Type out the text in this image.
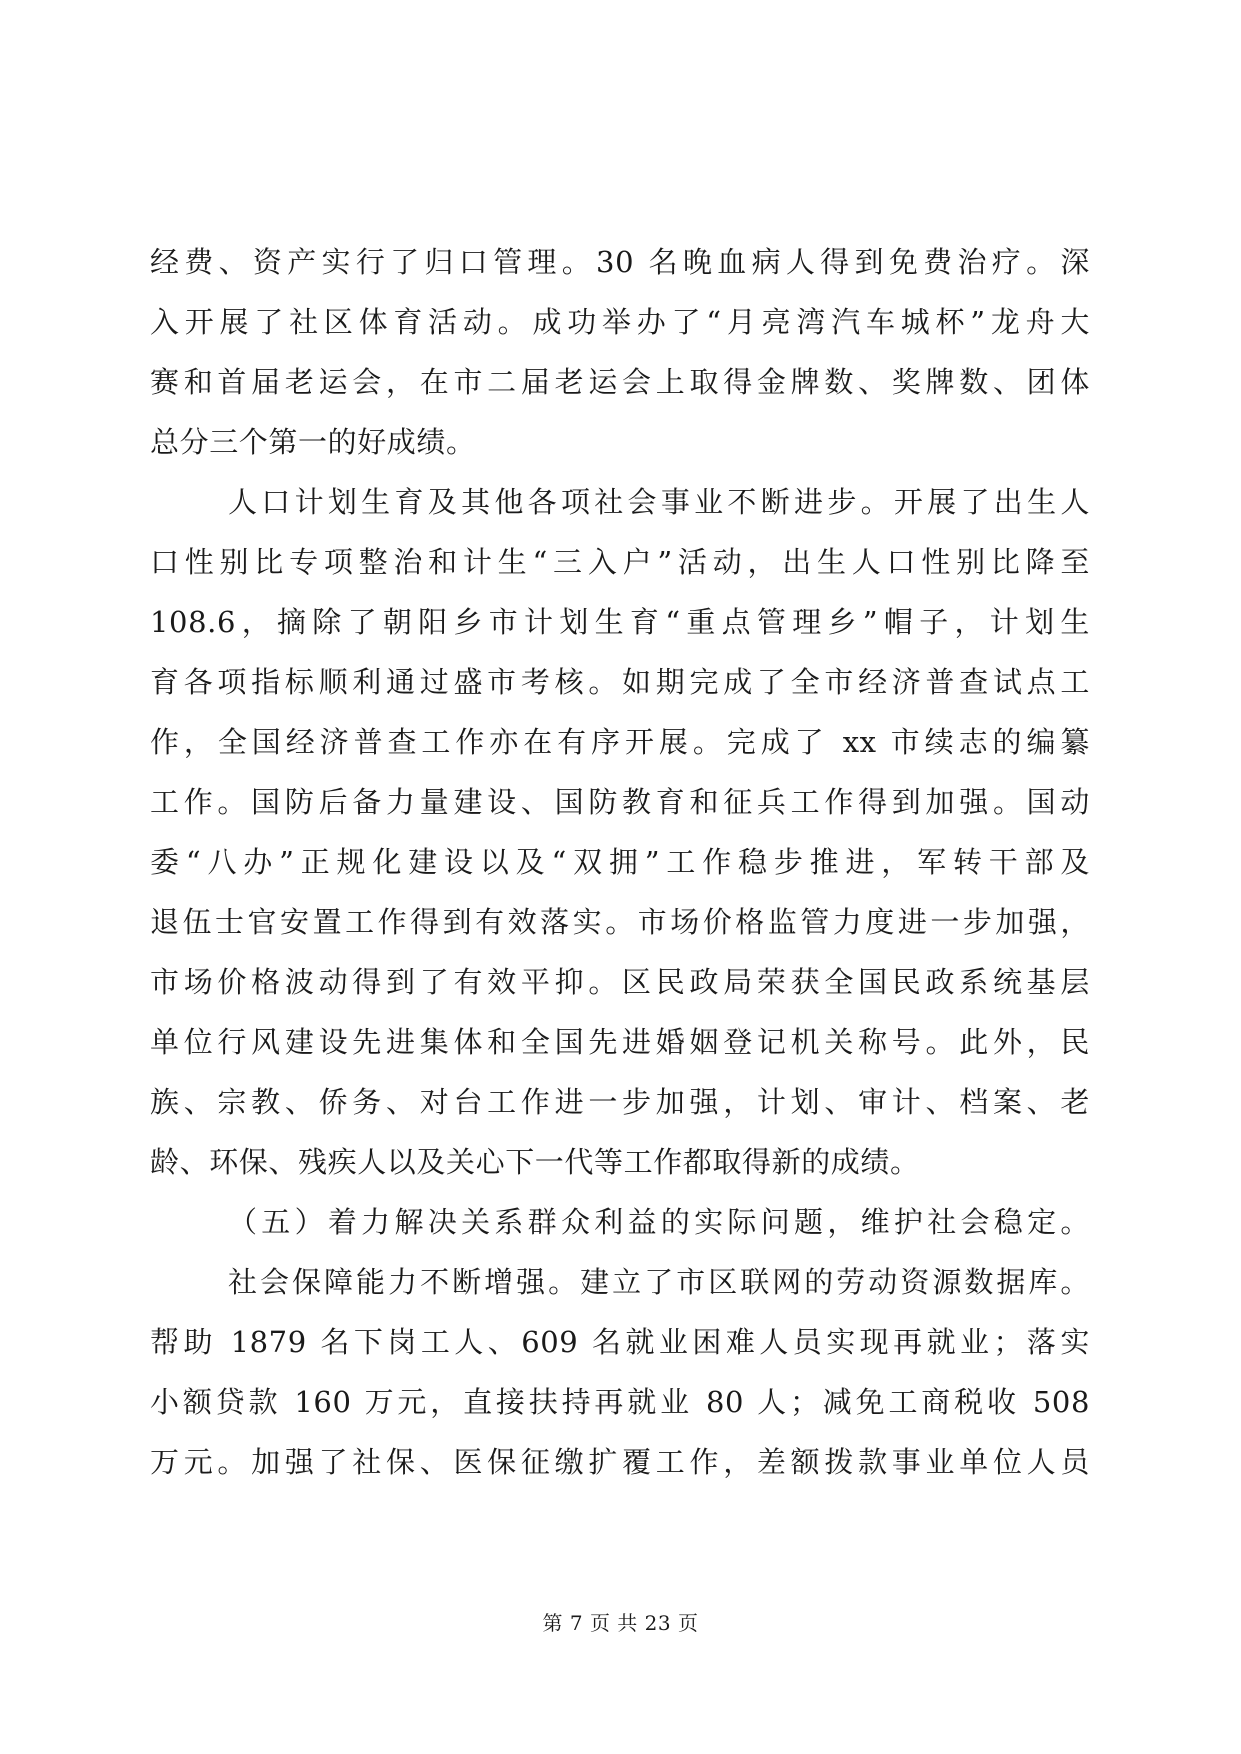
经费、资产实行了归口管理。30 名晚血病人得到免费治疗。深
入开展了社区体育活动。成功举办了“月亮湾汽车城杯”龙舟大
赛和首届老运会，在市二届老运会上取得金牌数、奖牌数、团体
总分三个第一的好成绩。
人口计划生育及其他各项社会事业不断进步。开展了出生人
口性别比专项整治和计生“三入户”活动，出生人口性别比降至
108.6，摘除了朝阳乡市计划生育“重点管理乡”帽子，计划生
育各项指标顺利通过盛市考核。如期完成了全市经济普查试点工
作，全国经济普查工作亦在有序开展。完成了 xx 市续志的编纂
工作。国防后备力量建设、国防教育和征兵工作得到加强。国动
委“八办”正规化建设以及“双拥”工作稳步推进，军转干部及
退伍士官安置工作得到有效落实。市场价格监管力度进一步加强，
市场价格波动得到了有效平抑。区民政局荣获全国民政系统基层
单位行风建设先进集体和全国先进婚姻登记机关称号。此外，民
族、宗教、侨务、对台工作进一步加强，计划、审计、档案、老
龄、环保、残疾人以及关心下一代等工作都取得新的成绩。
（五）着力解决关系群众利益的实际问题，维护社会稳定。
社会保障能力不断增强。建立了市区联网的劳动资源数据库。
帮助 1879 名下岗工人、609 名就业困难人员实现再就业；落实
小额贷款 160 万元，直接扶持再就业 80 人；减免工商税收 508
万元。加强了社保、医保征缴扩覆工作，差额拨款事业单位人员
第 7 页 共 23 页
